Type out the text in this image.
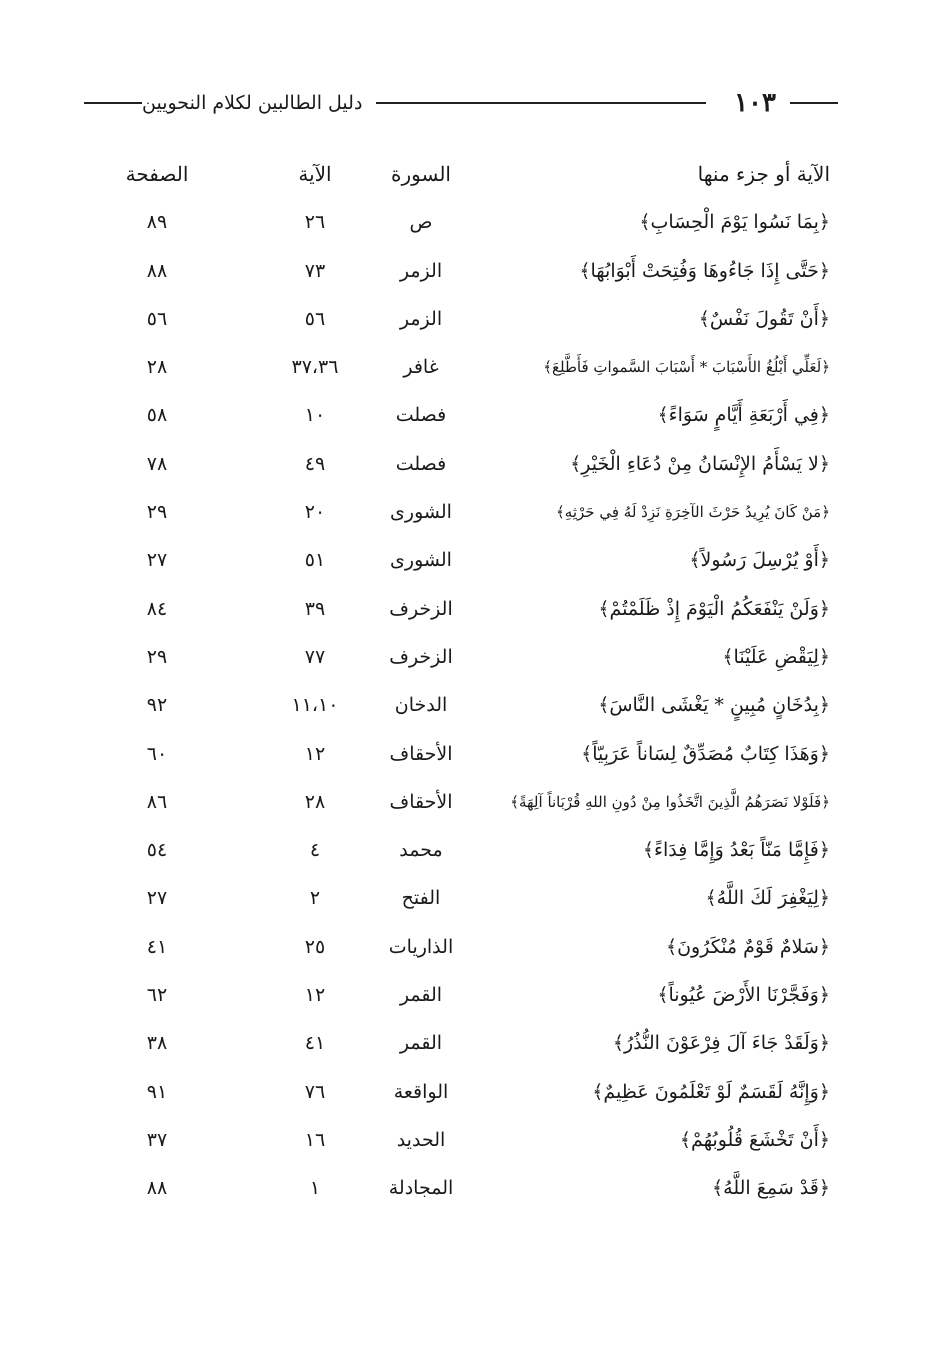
١٠٣
دليل الطالبين لكلام النحويين
الآية أو جزء منها
السورة
الآية
الصفحة
﴿بِمَا نَسُوا يَوْمَ الْحِسَابِ﴾
ص
٢٦
٨٩
﴿حَتَّى إِذَا جَاءُوهَا وَفُتِحَتْ أَبْوَابُهَا﴾
الزمر
٧٣
٨٨
﴿أَنْ تَقُولَ نَفْسٌ﴾
الزمر
٥٦
٥٦
﴿لَعَلِّي أَبْلُغُ الأَسْبَابَ * أَسْبَابَ السَّمواتِ فَأَطَّلِعَ﴾
غافر
٣٧،٣٦
٢٨
﴿فِي أَرْبَعَةِ أَيَّامٍ سَوَاءً﴾
فصلت
١٠
٥٨
﴿لا يَسْأَمُ الإِنْسَانُ مِنْ دُعَاءِ الْخَيْرِ﴾
فصلت
٤٩
٧٨
﴿مَنْ كَانَ يُرِيدُ حَرْثَ الآخِرَةِ نَزِدْ لَهُ فِي حَرْثِهِ﴾
الشورى
٢٠
٢٩
﴿أَوْ يُرْسِلَ رَسُولاً﴾
الشورى
٥١
٢٧
﴿وَلَنْ يَنْفَعَكُمُ الْيَوْمَ إِذْ ظَلَمْتُمْ﴾
الزخرف
٣٩
٨٤
﴿لِيَقْضِ عَلَيْنَا﴾
الزخرف
٧٧
٢٩
﴿بِدُخَانٍ مُبِينٍ * يَغْشَى النَّاسَ﴾
الدخان
١١،١٠
٩٢
﴿وَهَذَا كِتَابٌ مُصَدِّقٌ لِسَاناً عَرَبِيّاً﴾
الأحقاف
١٢
٦٠
﴿فَلَوْلا نَصَرَهُمُ الَّذِينَ اتَّخَذُوا مِنْ دُونِ اللهِ قُرْبَاناً آلِهَةً﴾
الأحقاف
٢٨
٨٦
﴿فَإِمَّا مَنّاً بَعْدُ وَإِمَّا فِدَاءً﴾
محمد
٤
٥٤
﴿لِيَغْفِرَ لَكَ اللَّهُ﴾
الفتح
٢
٢٧
﴿سَلامٌ قَوْمٌ مُنْكَرُونَ﴾
الذاريات
٢٥
٤١
﴿وَفَجَّرْنَا الأَرْضَ عُيُوناً﴾
القمر
١٢
٦٢
﴿وَلَقَدْ جَاءَ آلَ فِرْعَوْنَ النُّذُرُ﴾
القمر
٤١
٣٨
﴿وَإِنَّهُ لَقَسَمٌ لَوْ تَعْلَمُونَ عَظِيمٌ﴾
الواقعة
٧٦
٩١
﴿أَنْ تَخْشَعَ قُلُوبُهُمْ﴾
الحديد
١٦
٣٧
﴿قَدْ سَمِعَ اللَّهُ﴾
المجادلة
١
٨٨
